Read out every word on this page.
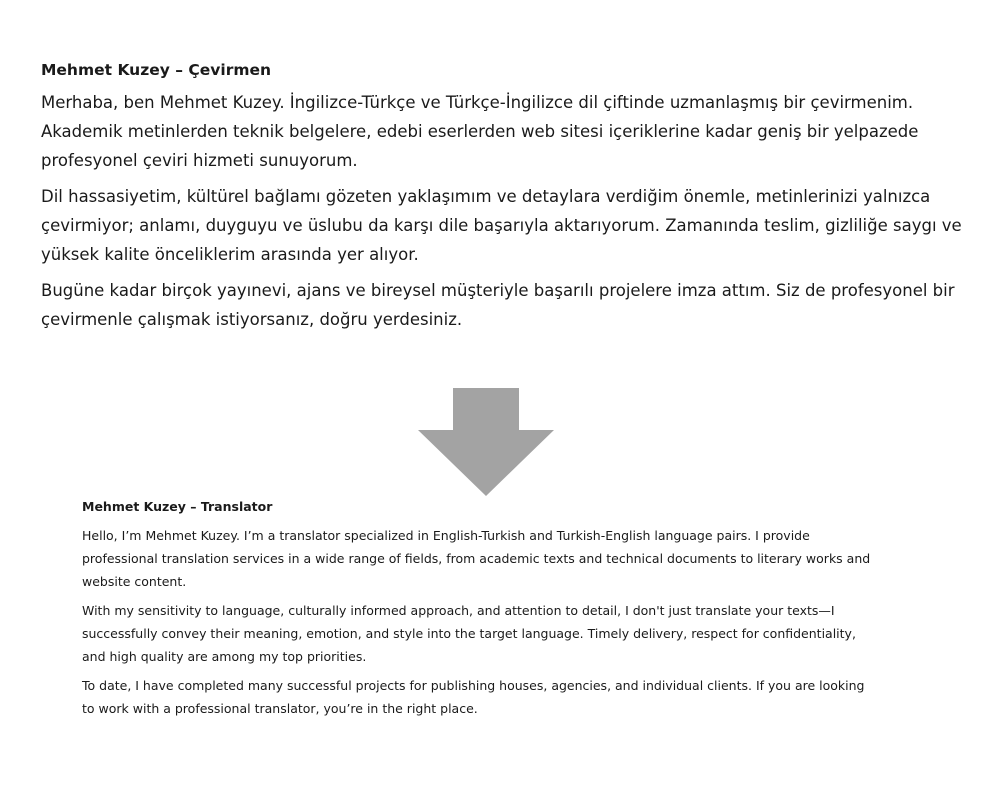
Mehmet Kuzey – Çevirmen

Merhaba, ben Mehmet Kuzey. İngilizce-Türkçe ve Türkçe-İngilizce dil çiftinde uzmanlaşmış bir çevirmenim. Akademik metinlerden teknik belgelere, edebi eserlerden web sitesi içeriklerine kadar geniş bir yelpazede profesyonel çeviri hizmeti sunuyorum.

Dil hassasiyetim, kültürel bağlamı gözeten yaklaşımım ve detaylara verdiğim önemle, metinlerinizi yalnızca çevirmiyor; anlamı, duyguyu ve üslubu da karşı dile başarıyla aktarıyorum. Zamanında teslim, gizliliğe saygı ve yüksek kalite önceliklerim arasında yer alıyor.

Bugüne kadar birçok yayınevi, ajans ve bireysel müşteriyle başarılı projelere imza attım. Siz de profesyonel bir çevirmenle çalışmak istiyorsanız, doğru yerdesiniz.

Mehmet Kuzey – Translator

Hello, I’m Mehmet Kuzey. I’m a translator specialized in English-Turkish and Turkish-English language pairs. I provide professional translation services in a wide range of fields, from academic texts and technical documents to literary works and website content.

With my sensitivity to language, culturally informed approach, and attention to detail, I don't just translate your texts—I successfully convey their meaning, emotion, and style into the target language. Timely delivery, respect for confidentiality, and high quality are among my top priorities.

To date, I have completed many successful projects for publishing houses, agencies, and individual clients. If you are looking to work with a professional translator, you’re in the right place.
